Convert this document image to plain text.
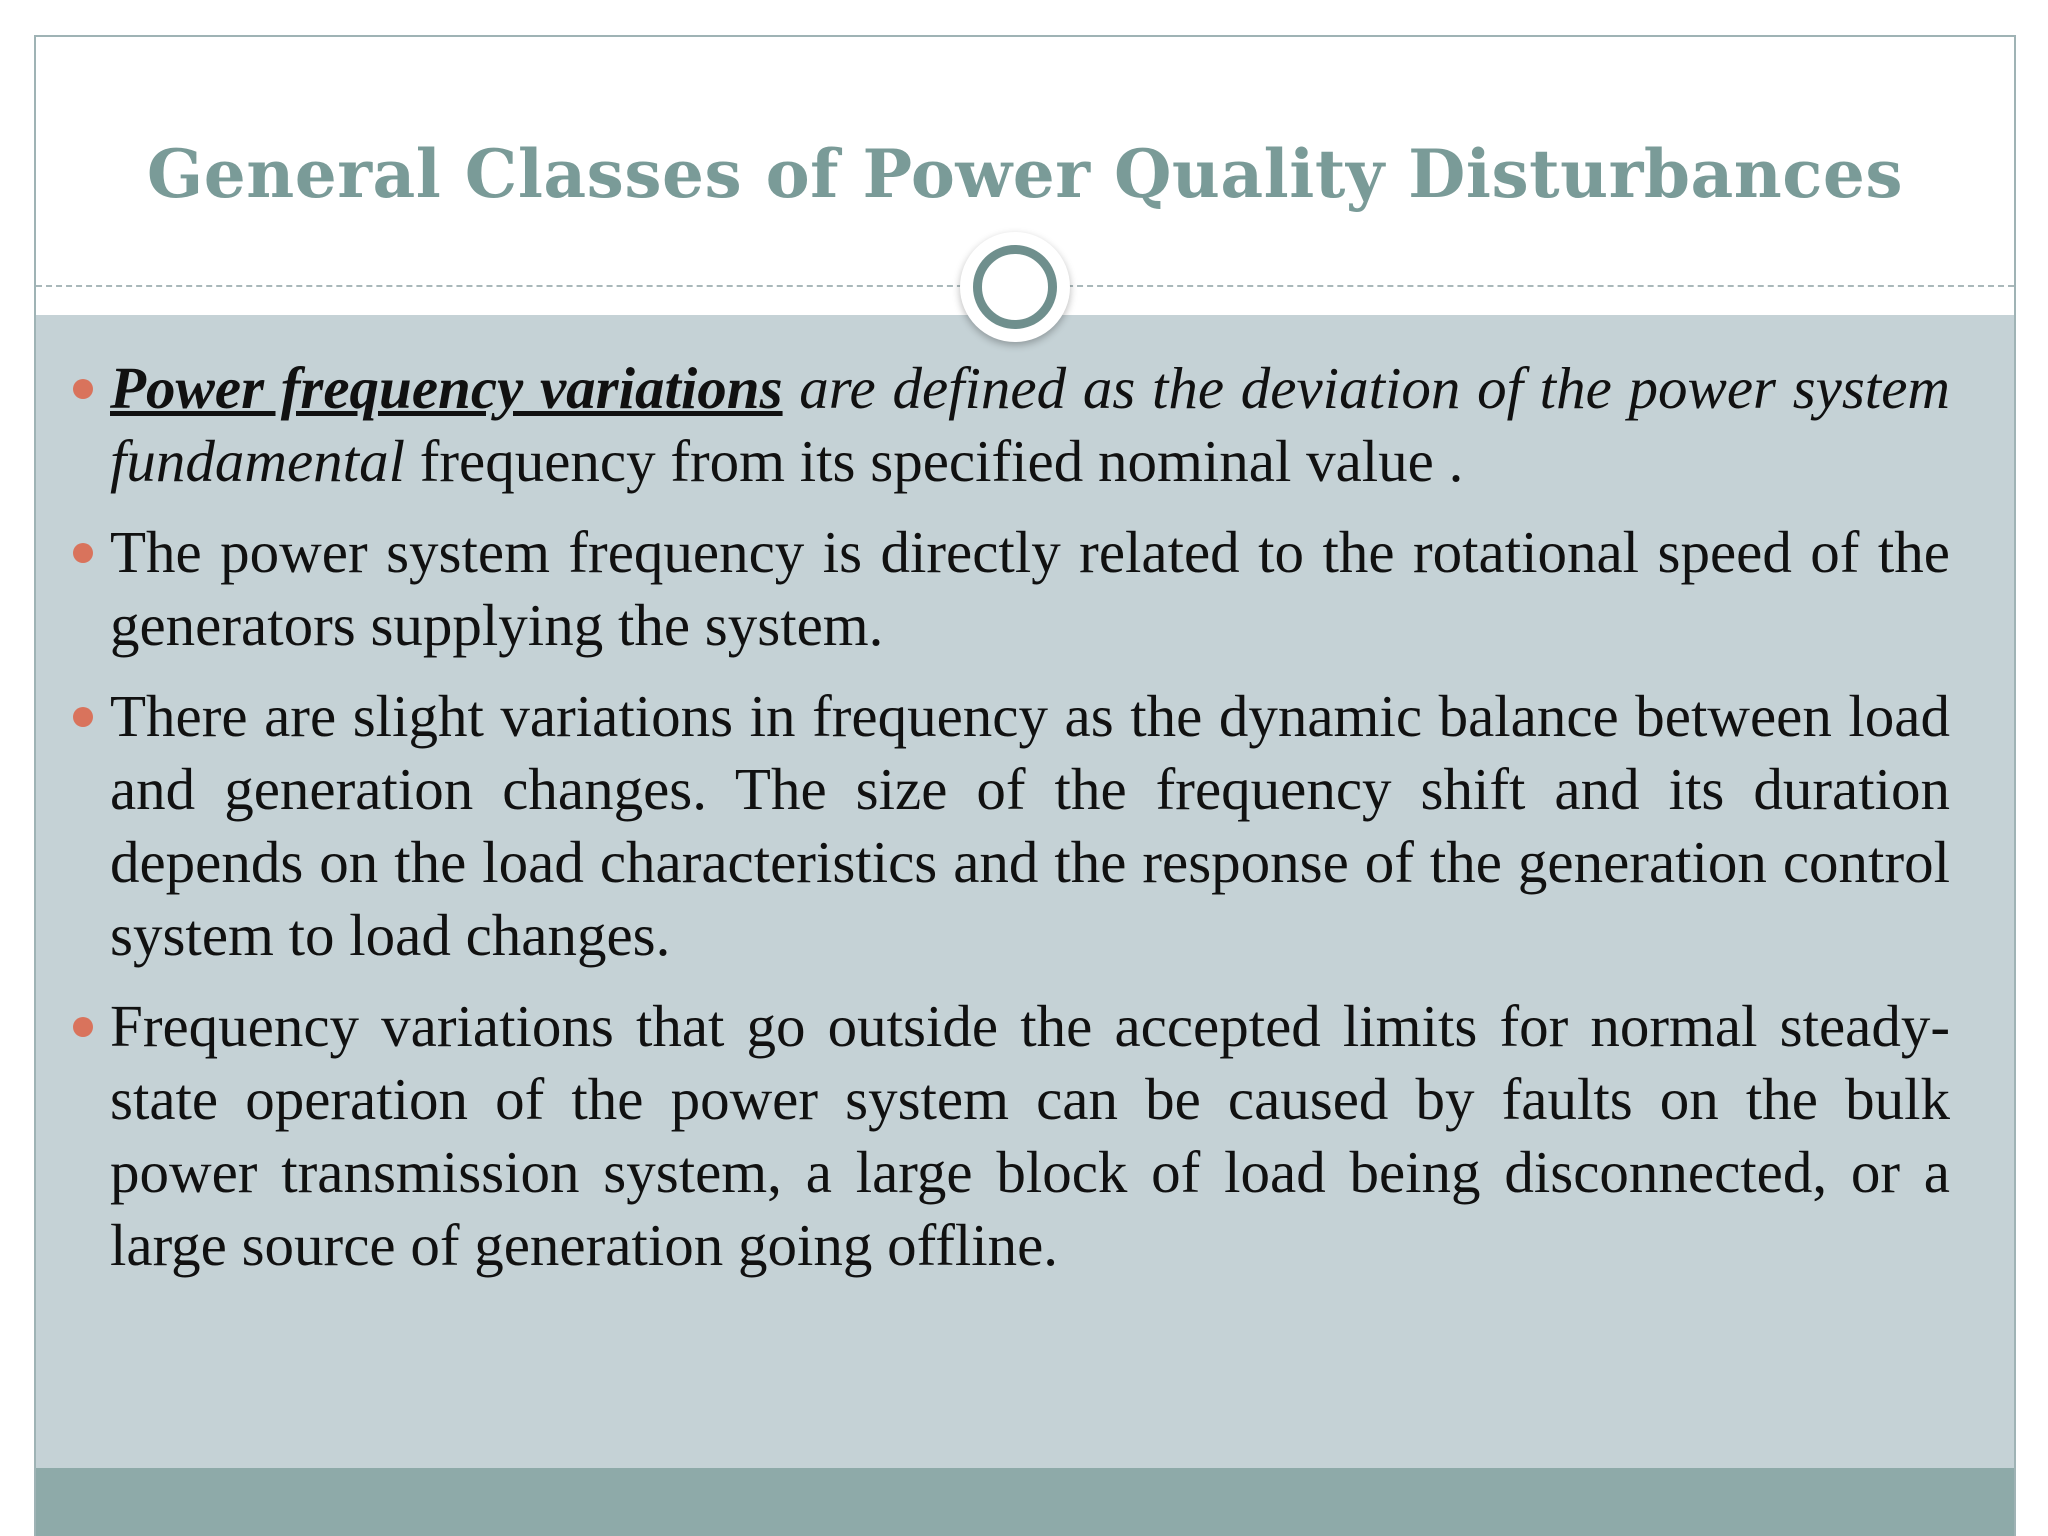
General Classes of Power Quality Disturbances
Power frequency variations are defined as the deviation of the power system fundamental frequency from its specified nominal value .
The power system frequency is directly related to the rotational speed of the generators supplying the system.
There are slight variations in frequency as the dynamic balance between load and generation changes. The size of the frequency shift and its duration depends on the load characteristics and the response of the generation control system to load changes.
Frequency variations that go outside the accepted limits for normal steady-state operation of the power system can be caused by faults on the bulk power transmission system, a large block of load being disconnected, or a large source of generation going offline.
